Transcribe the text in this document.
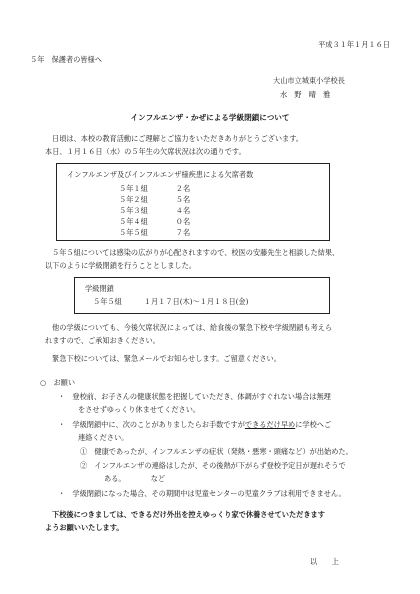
平成３１年１月１６日
５年　保護者の皆様へ
大山市立城東小学校長
水　野　晴　雅
インフルエンザ・かぜによる学級閉鎖について
日頃は、本校の教育活動にご理解とご協力をいただきありがとうございます。
本日、１月１６日（水）の５年生の欠席状況は次の通りです。
インフルエンザ及びインフルエンザ様疾患による欠席者数
５年１組	２名
５年２組	５名
５年３組	４名
５年４組	０名
５年５組	７名
５年５組については感染の広がりが心配されますので、校医の安藤先生と相談した結果、
以下のように学級閉鎖を行うこととしました。
学級閉鎖
５年５組	１月１７日(木)～１月１８日(金)
他の学級についても、今後欠席状況によっては、給食後の緊急下校や学級閉鎖も考えら
れますので、ご承知おきください。
緊急下校については、緊急メールでお知らせします。ご留意ください。
○　お願い
・　登校前、お子さんの健康状態を把握していただき、体調がすぐれない場合は無理
をさせずゆっくり休ませてください。
・　学級閉鎖中に、次のことがありましたらお手数ですができるだけ早めに学校へご
連絡ください。
①　健康であったが、インフルエンザの症状（発熱・悪寒・頭痛など）が出始めた。
②　インフルエンザの連絡はしたが、その後熱が下がらず登校予定日が遅れそうで
ある。　　　　など
・　学級閉鎖になった場合、その期間中は児童センターの児童クラブは利用できません。
下校後につきましては、できるだけ外出を控えゆっくり家で休養させていただきます
ようお願いいたします。
以　　上
